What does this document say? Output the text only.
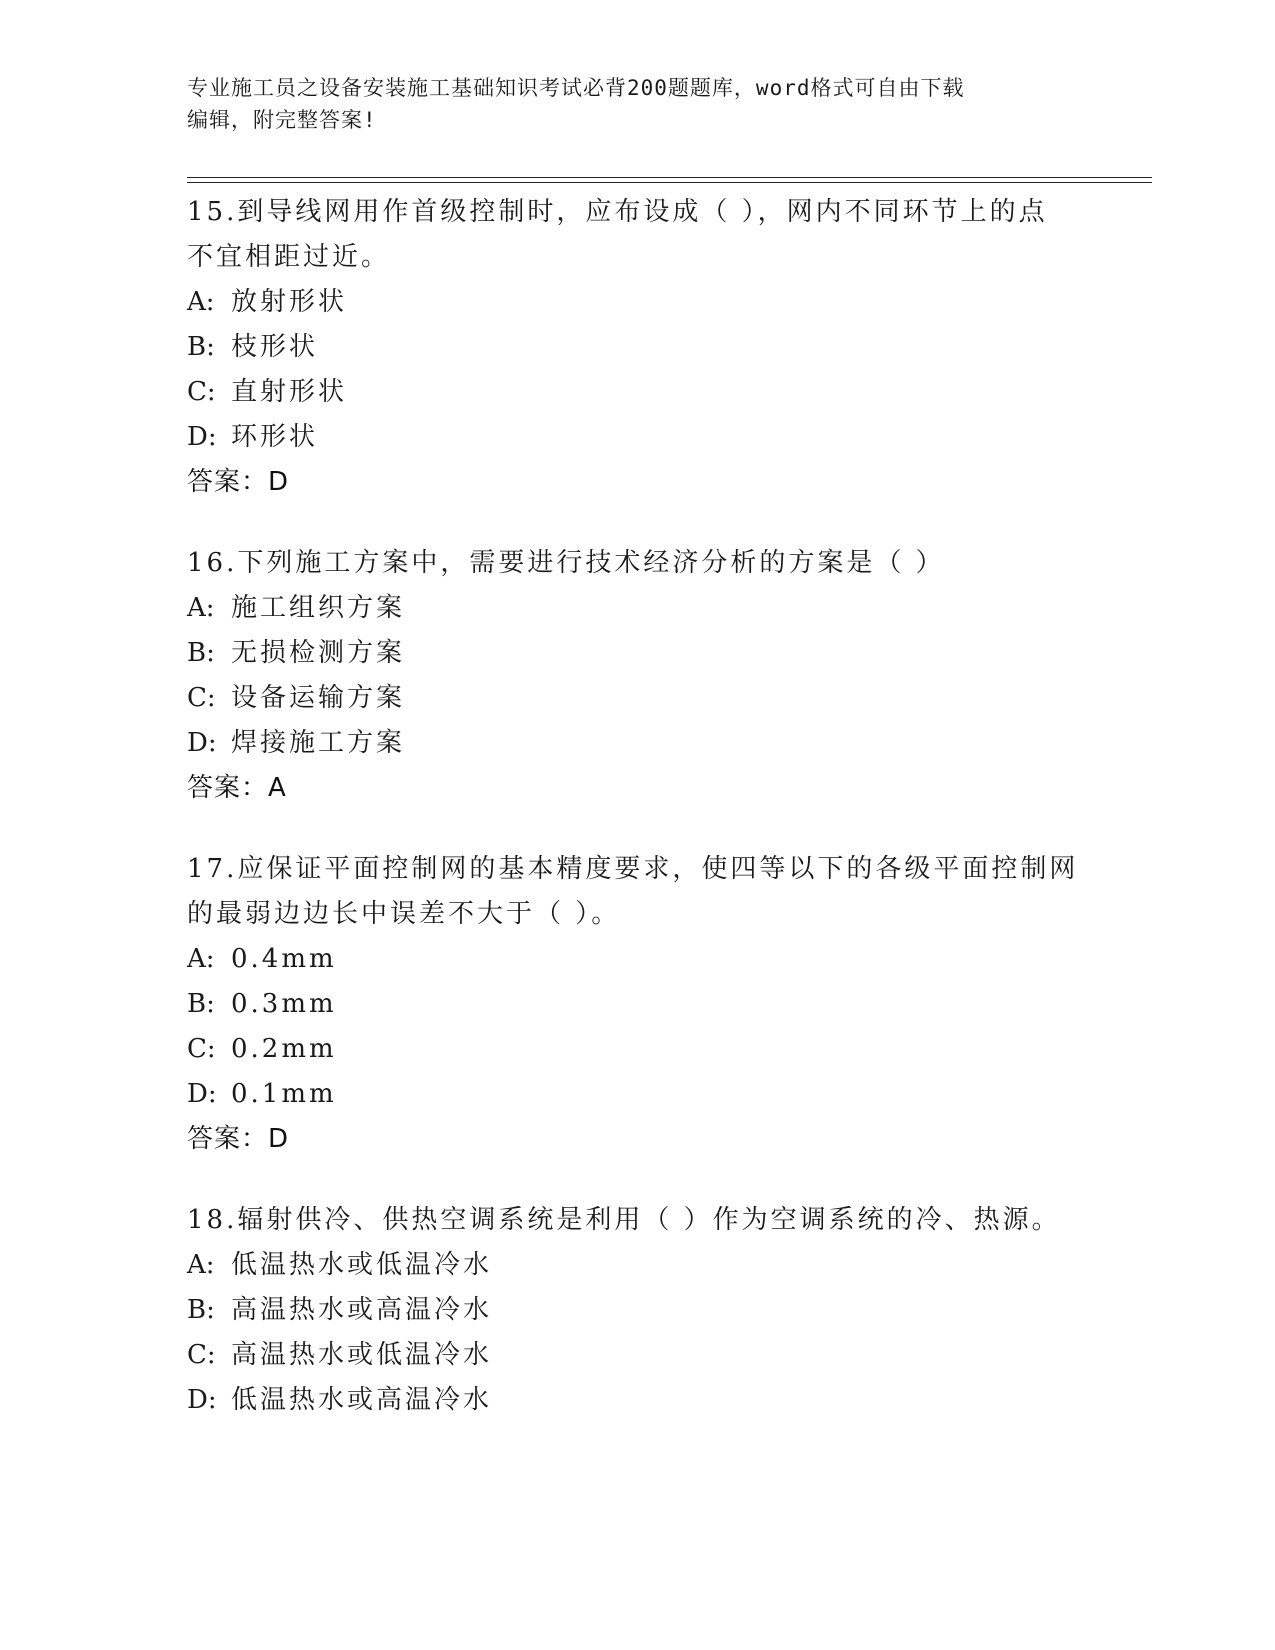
专业施工员之设备安装施工基础知识考试必背200题题库，word格式可自由下载
编辑，附完整答案!
15.到导线网用作首级控制时，应布设成（ ），网内不同环节上的点
不宜相距过近。
A: 放射形状
B: 枝形状
C: 直射形状
D: 环形状
答案：D
16.下列施工方案中，需要进行技术经济分析的方案是（ ）
A: 施工组织方案
B: 无损检测方案
C: 设备运输方案
D: 焊接施工方案
答案：A
17.应保证平面控制网的基本精度要求，使四等以下的各级平面控制网
的最弱边边长中误差不大于（ ）。
A: 0.4mm
B: 0.3mm
C: 0.2mm
D: 0.1mm
答案：D
18.辐射供冷、供热空调系统是利用（ ）作为空调系统的冷、热源。
A: 低温热水或低温冷水
B: 高温热水或高温冷水
C: 高温热水或低温冷水
D: 低温热水或高温冷水
